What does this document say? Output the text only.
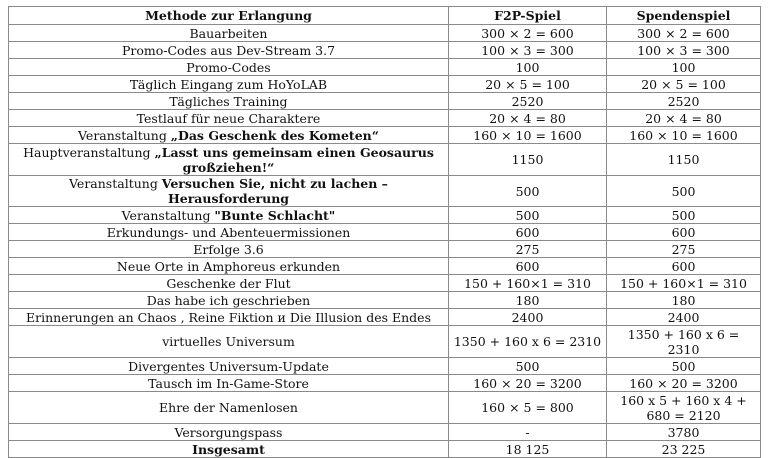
Methode zur Erlangung	F2P-Spiel	Spendenspiel
Bauarbeiten	300 × 2 = 600	300 × 2 = 600
Promo-Codes aus Dev-Stream 3.7	100 × 3 = 300	100 × 3 = 300
Promo-Codes	100	100
Täglich Eingang zum HoYoLAB	20 × 5 = 100	20 × 5 = 100
Tägliches Training	2520	2520
Testlauf für neue Charaktere	20 × 4 = 80	20 × 4 = 80
Veranstaltung „Das Geschenk des Kometen“	160 × 10 = 1600	160 × 10 = 1600
Hauptveranstaltung „Lasst uns gemeinsam einen Geosaurus großziehen!“	1150	1150
Veranstaltung Versuchen Sie, nicht zu lachen – Herausforderung	500	500
Veranstaltung "Bunte Schlacht"	500	500
Erkundungs- und Abenteuermissionen	600	600
Erfolge 3.6	275	275
Neue Orte in Amphoreus erkunden	600	600
Geschenke der Flut	150 + 160×1 = 310	150 + 160×1 = 310
Das habe ich geschrieben	180	180
Erinnerungen an Chaos , Reine Fiktion и Die Illusion des Endes	2400	2400
virtuelles Universum	1350 + 160 x 6 = 2310	1350 + 160 x 6 = 2310
Divergentes Universum-Update	500	500
Tausch im In-Game-Store	160 × 20 = 3200	160 × 20 = 3200
Ehre der Namenlosen	160 × 5 = 800	160 x 5 + 160 x 4 + 680 = 2120
Versorgungspass	-	3780
Insgesamt	18 125	23 225
